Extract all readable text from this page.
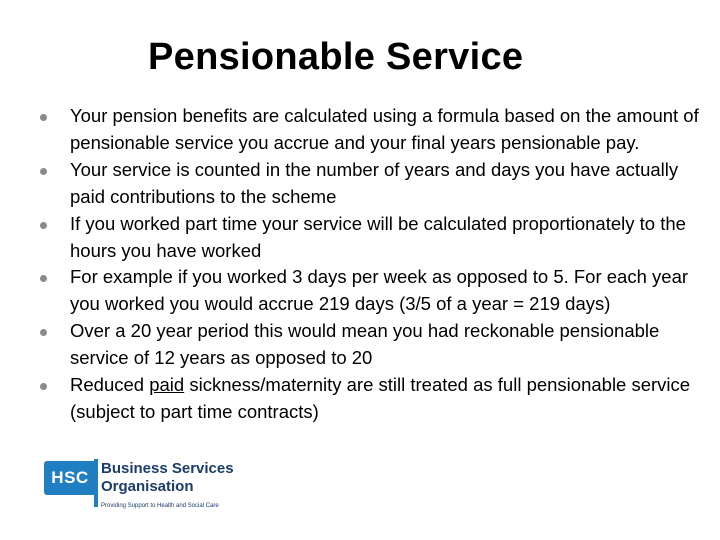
Pensionable Service
Your pension benefits are calculated using a formula based on the amount of pensionable service you accrue and your final years pensionable pay.
Your service is counted in the number of years and days you have actually paid contributions to the scheme
If you worked part time your service will be calculated proportionately to the hours you have worked
For example if you worked 3 days per week as opposed to 5. For each year you worked you would accrue 219 days (3/5 of a year = 219 days)
Over a 20 year period this would mean you had reckonable pensionable service of 12 years as opposed to 20
Reduced paid sickness/maternity are still treated as full pensionable service (subject to part time contracts)
HSC Business Services
Organisation
Providing Support to Health and Social Care
